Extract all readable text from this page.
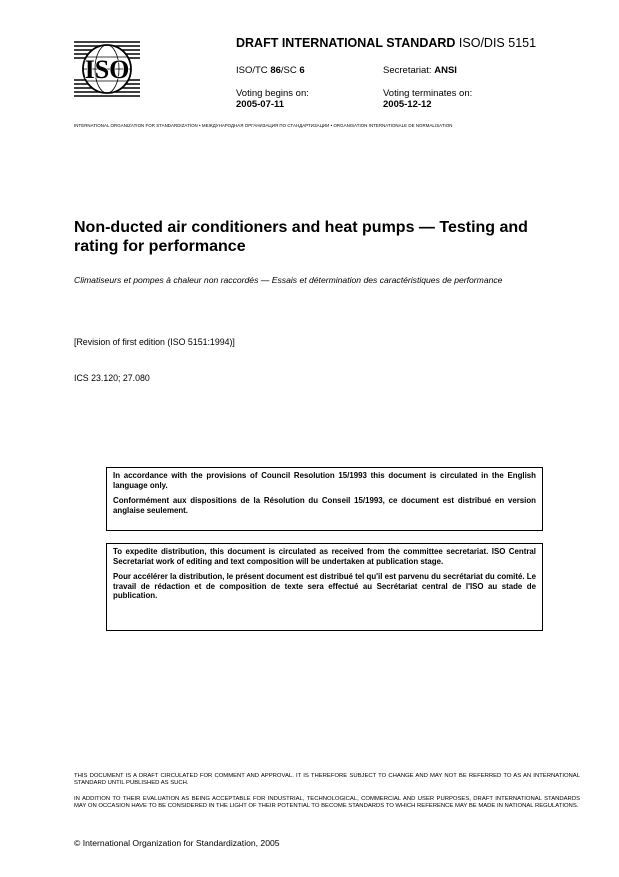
ISO
DRAFT INTERNATIONAL STANDARD ISO/DIS 5151
ISO/TC 86/SC 6	Secretariat: ANSI
Voting begins on:
2005-07-11
Voting terminates on:
2005-12-12
INTERNATIONAL ORGANIZATION FOR STANDARDIZATION • МЕЖДУНАРОДНАЯ ОРГАНИЗАЦИЯ ПО СТАНДАРТИЗАЦИИ • ORGANISATION INTERNATIONALE DE NORMALISATION
Non-ducted air conditioners and heat pumps — Testing and rating for performance
Climatiseurs et pompes à chaleur non raccordés — Essais et détermination des caractéristiques de performance
[Revision of first edition (ISO 5151:1994)]
ICS 23.120; 27.080

In accordance with the provisions of Council Resolution 15/1993 this document is circulated in the English language only.

Conformément aux dispositions de la Résolution du Conseil 15/1993, ce document est distribué en version anglaise seulement.

To expedite distribution, this document is circulated as received from the committee secretariat. ISO Central Secretariat work of editing and text composition will be undertaken at publication stage.

Pour accélérer la distribution, le présent document est distribué tel qu'il est parvenu du secrétariat du comité. Le travail de rédaction et de composition de texte sera effectué au Secrétariat central de l'ISO au stade de publication.

THIS DOCUMENT IS A DRAFT CIRCULATED FOR COMMENT AND APPROVAL. IT IS THEREFORE SUBJECT TO CHANGE AND MAY NOT BE REFERRED TO AS AN INTERNATIONAL STANDARD UNTIL PUBLISHED AS SUCH.
IN ADDITION TO THEIR EVALUATION AS BEING ACCEPTABLE FOR INDUSTRIAL, TECHNOLOGICAL, COMMERCIAL AND USER PURPOSES, DRAFT INTERNATIONAL STANDARDS MAY ON OCCASION HAVE TO BE CONSIDERED IN THE LIGHT OF THEIR POTENTIAL TO BECOME STANDARDS TO WHICH REFERENCE MAY BE MADE IN NATIONAL REGULATIONS.
© International Organization for Standardization, 2005
